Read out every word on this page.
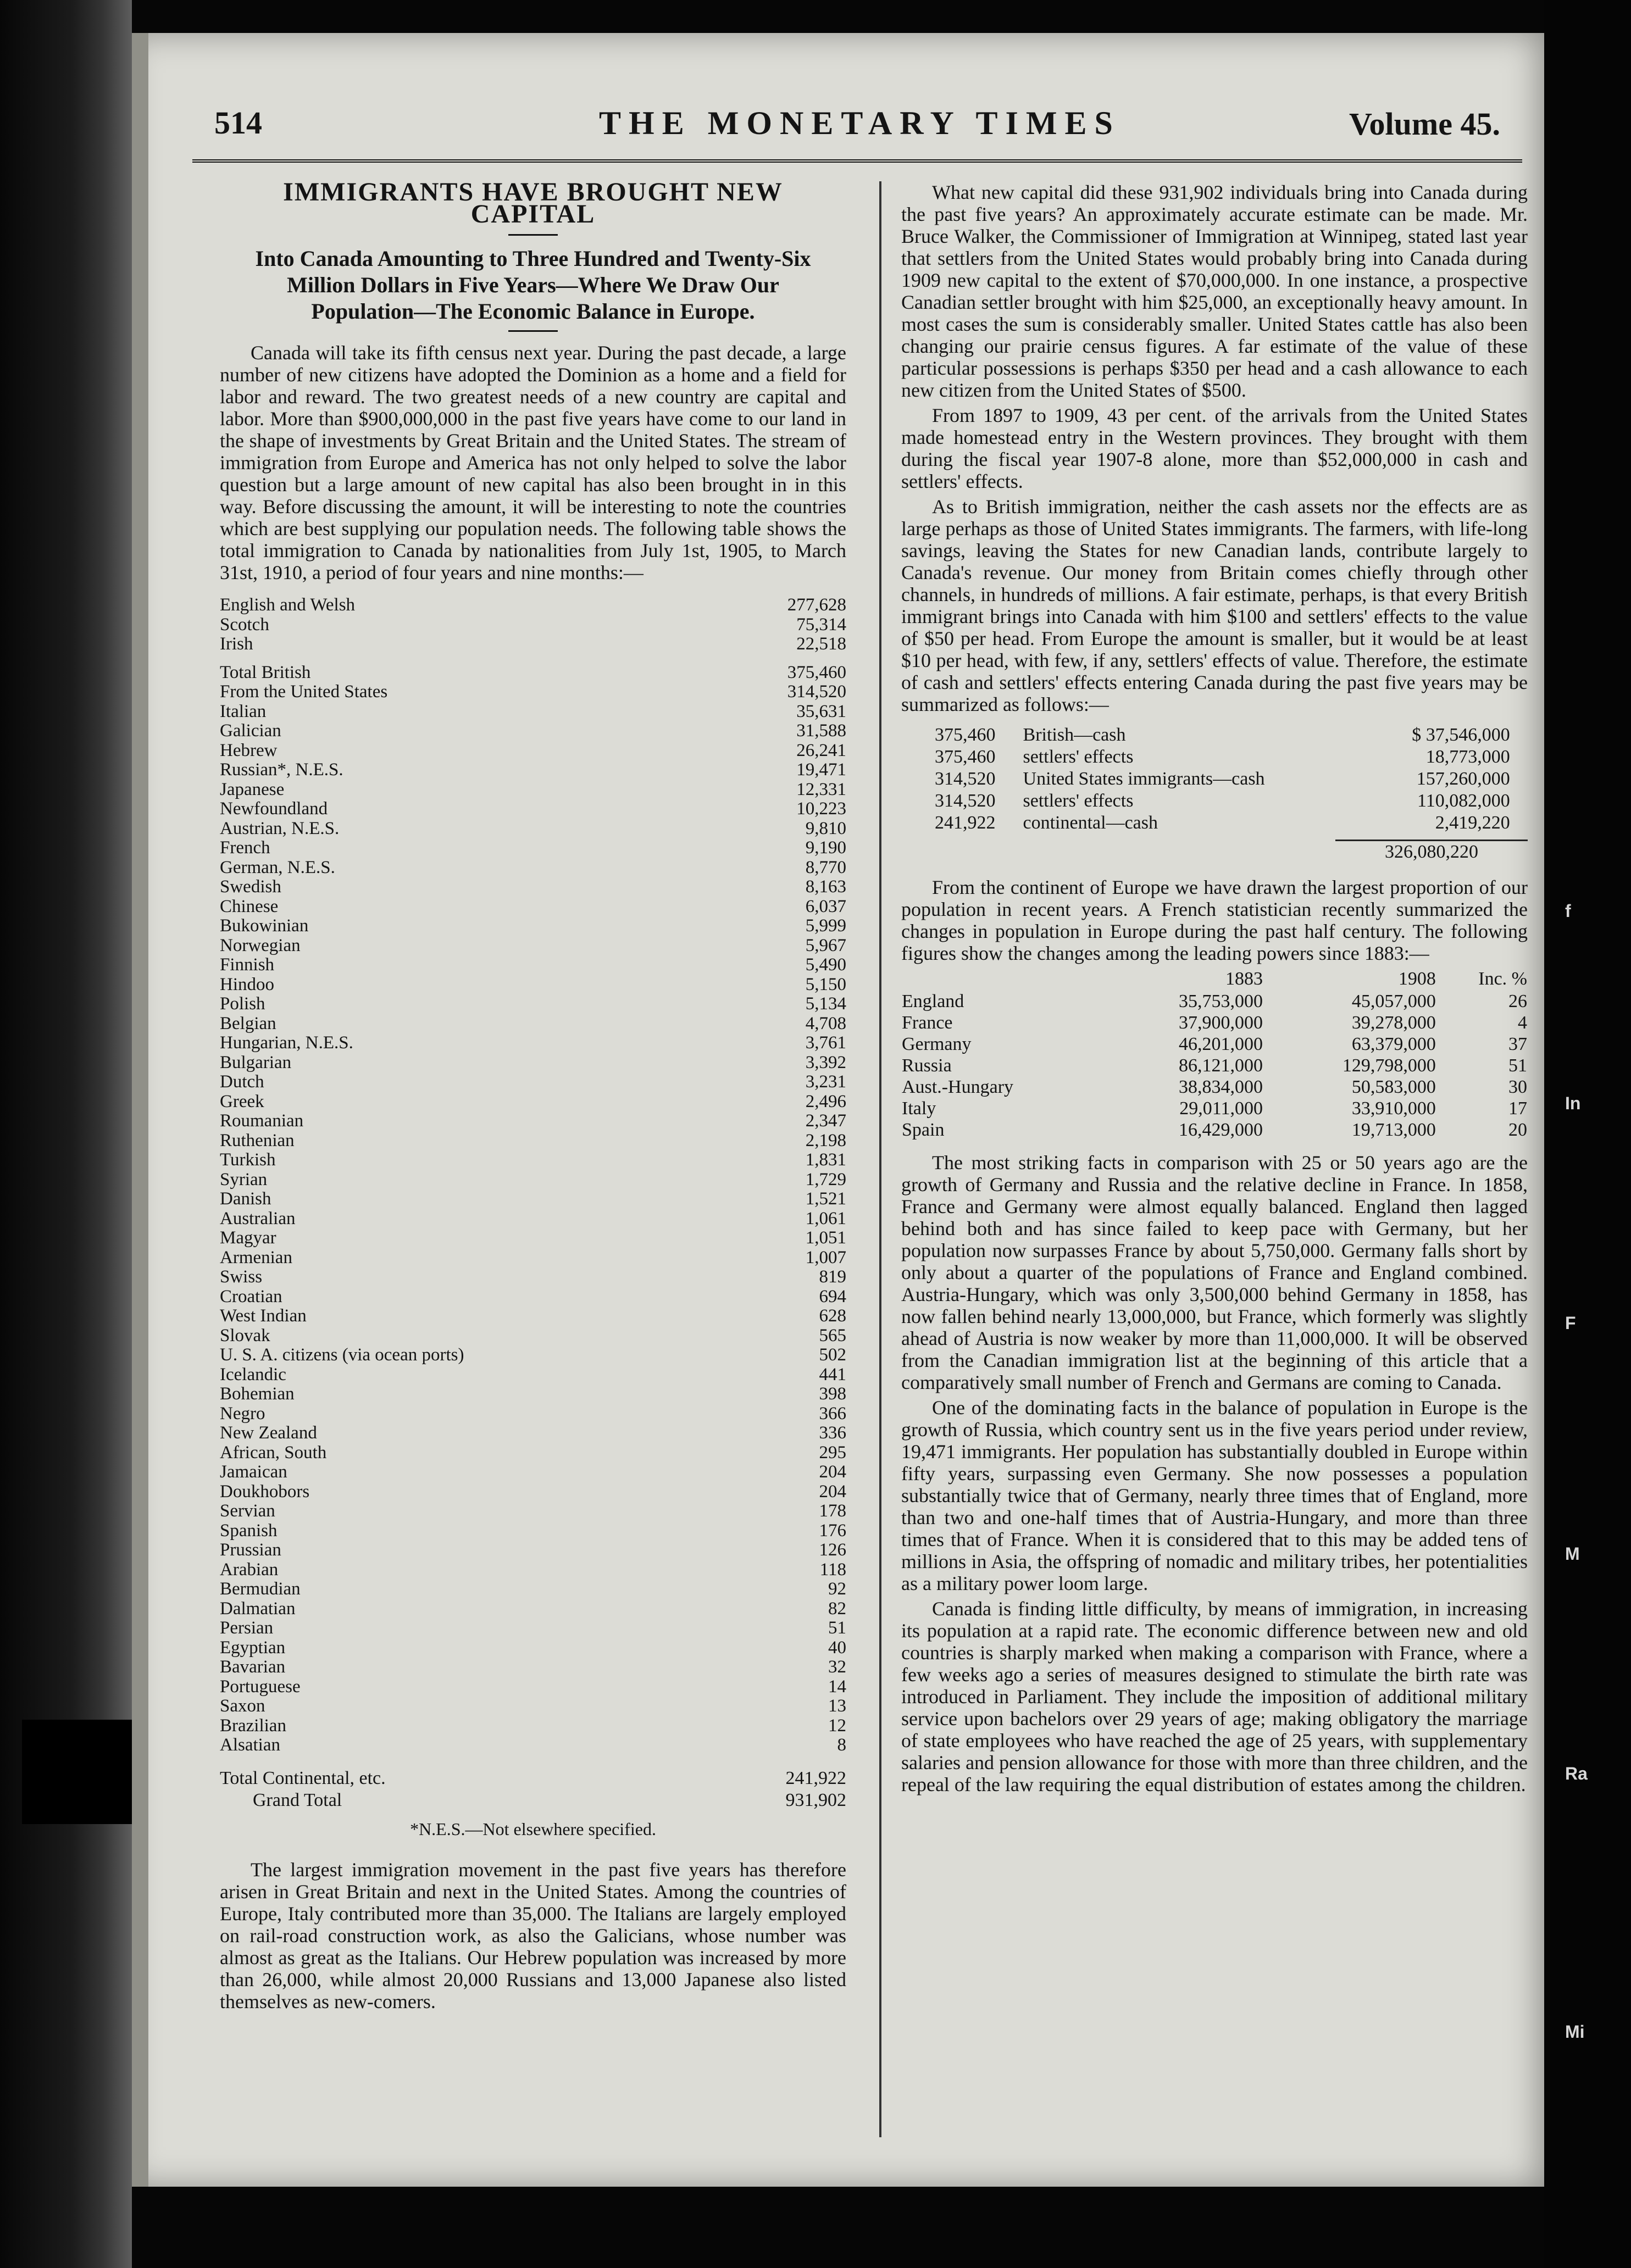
514	THE MONETARY TIMES	Volume 45.
IMMIGRANTS HAVE BROUGHT NEW CAPITAL
Into Canada Amounting to Three Hundred and Twenty-Six Million Dollars in Five Years—Where We Draw Our Population—The Economic Balance in Europe.

Canada will take its fifth census next year. During the past decade, a large number of new citizens have adopted the Dominion as a home and a field for labor and reward. The two greatest needs of a new country are capital and labor. More than $900,000,000 in the past five years have come to our land in the shape of investments by Great Britain and the United States. The stream of immigration from Europe and America has not only helped to solve the labor question but a large amount of new capital has also been brought in in this way. Before discussing the amount, it will be interesting to note the countries which are best supplying our population needs. The following table shows the total immigration to Canada by nationalities from July 1st, 1905, to March 31st, 1910, a period of four years and nine months:—

English and Welsh	277,628
Scotch	75,314
Irish	22,518
Total British	375,460
From the United States	314,520
Italian	35,631
Galician	31,588
Hebrew	26,241
Russian*, N.E.S.	19,471
Japanese	12,331
Newfoundland	10,223
Austrian, N.E.S.	9,810
French	9,190
German, N.E.S.	8,770
Swedish	8,163
Chinese	6,037
Bukowinian	5,999
Norwegian	5,967
Finnish	5,490
Hindoo	5,150
Polish	5,134
Belgian	4,708
Hungarian, N.E.S.	3,761
Bulgarian	3,392
Dutch	3,231
Greek	2,496
Roumanian	2,347
Ruthenian	2,198
Turkish	1,831
Syrian	1,729
Danish	1,521
Australian	1,061
Magyar	1,051
Armenian	1,007
Swiss	819
Croatian	694
West Indian	628
Slovak	565
U. S. A. citizens (via ocean ports)	502
Icelandic	441
Bohemian	398
Negro	366
New Zealand	336
African, South	295
Jamaican	204
Doukhobors	204
Servian	178
Spanish	176
Prussian	126
Arabian	118
Bermudian	92
Dalmatian	82
Persian	51
Egyptian	40
Bavarian	32
Portuguese	14
Saxon	13
Brazilian	12
Alsatian	8
Total Continental, etc.	241,922
Grand Total	931,902
*N.E.S.—Not elsewhere specified.

The largest immigration movement in the past five years has therefore arisen in Great Britain and next in the United States. Among the countries of Europe, Italy contributed more than 35,000. The Italians are largely employed on rail-road construction work, as also the Galicians, whose number was almost as great as the Italians. Our Hebrew population was increased by more than 26,000, while almost 20,000 Russians and 13,000 Japanese also listed themselves as new-comers.

What new capital did these 931,902 individuals bring into Canada during the past five years? An approximately accurate estimate can be made. Mr. Bruce Walker, the Commissioner of Immigration at Winnipeg, stated last year that settlers from the United States would probably bring into Canada during 1909 new capital to the extent of $70,000,000. In one instance, a prospective Canadian settler brought with him $25,000, an exceptionally heavy amount. In most cases the sum is considerably smaller. United States cattle has also been changing our prairie census figures. A far estimate of the value of these particular possessions is perhaps $350 per head and a cash allowance to each new citizen from the United States of $500.

From 1897 to 1909, 43 per cent. of the arrivals from the United States made homestead entry in the Western provinces. They brought with them during the fiscal year 1907-8 alone, more than $52,000,000 in cash and settlers' effects.

As to British immigration, neither the cash assets nor the effects are as large perhaps as those of United States immigrants. The farmers, with life-long savings, leaving the States for new Canadian lands, contribute largely to Canada's revenue. Our money from Britain comes chiefly through other channels, in hundreds of millions. A fair estimate, perhaps, is that every British immigrant brings into Canada with him $100 and settlers' effects to the value of $50 per head. From Europe the amount is smaller, but it would be at least $10 per head, with few, if any, settlers' effects of value. Therefore, the estimate of cash and settlers' effects entering Canada during the past five years may be summarized as follows:—

375,460	British—cash	$ 37,546,000
375,460	settlers' effects	18,773,000
314,520	United States immigrants—cash	157,260,000
314,520	settlers' effects	110,082,000
241,922	continental—cash	2,419,220
326,080,220

From the continent of Europe we have drawn the largest proportion of our population in recent years. A French statistician recently summarized the changes in population in Europe during the past half century. The following figures show the changes among the leading powers since 1883:—

	1883	1908	Inc. %
England	35,753,000	45,057,000	26
France	37,900,000	39,278,000	4
Germany	46,201,000	63,379,000	37
Russia	86,121,000	129,798,000	51
Aust.-Hungary	38,834,000	50,583,000	30
Italy	29,011,000	33,910,000	17
Spain	16,429,000	19,713,000	20

The most striking facts in comparison with 25 or 50 years ago are the growth of Germany and Russia and the relative decline in France. In 1858, France and Germany were almost equally balanced. England then lagged behind both and has since failed to keep pace with Germany, but her population now surpasses France by about 5,750,000. Germany falls short by only about a quarter of the populations of France and England combined. Austria-Hungary, which was only 3,500,000 behind Germany in 1858, has now fallen behind nearly 13,000,000, but France, which formerly was slightly ahead of Austria is now weaker by more than 11,000,000. It will be observed from the Canadian immigration list at the beginning of this article that a comparatively small number of French and Germans are coming to Canada.

One of the dominating facts in the balance of population in Europe is the growth of Russia, which country sent us in the five years period under review, 19,471 immigrants. Her population has substantially doubled in Europe within fifty years, surpassing even Germany. She now possesses a population substantially twice that of Germany, nearly three times that of England, more than two and one-half times that of Austria-Hungary, and more than three times that of France. When it is considered that to this may be added tens of millions in Asia, the offspring of nomadic and military tribes, her potentialities as a military power loom large.

Canada is finding little difficulty, by means of immigration, in increasing its population at a rapid rate. The economic difference between new and old countries is sharply marked when making a comparison with France, where a few weeks ago a series of measures designed to stimulate the birth rate was introduced in Parliament. They include the imposition of additional military service upon bachelors over 29 years of age; making obligatory the marriage of state employees who have reached the age of 25 years, with supplementary salaries and pension allowance for those with more than three children, and the repeal of the law requiring the equal distribution of estates among the children.

f
In
F
M
Ra
Mi
